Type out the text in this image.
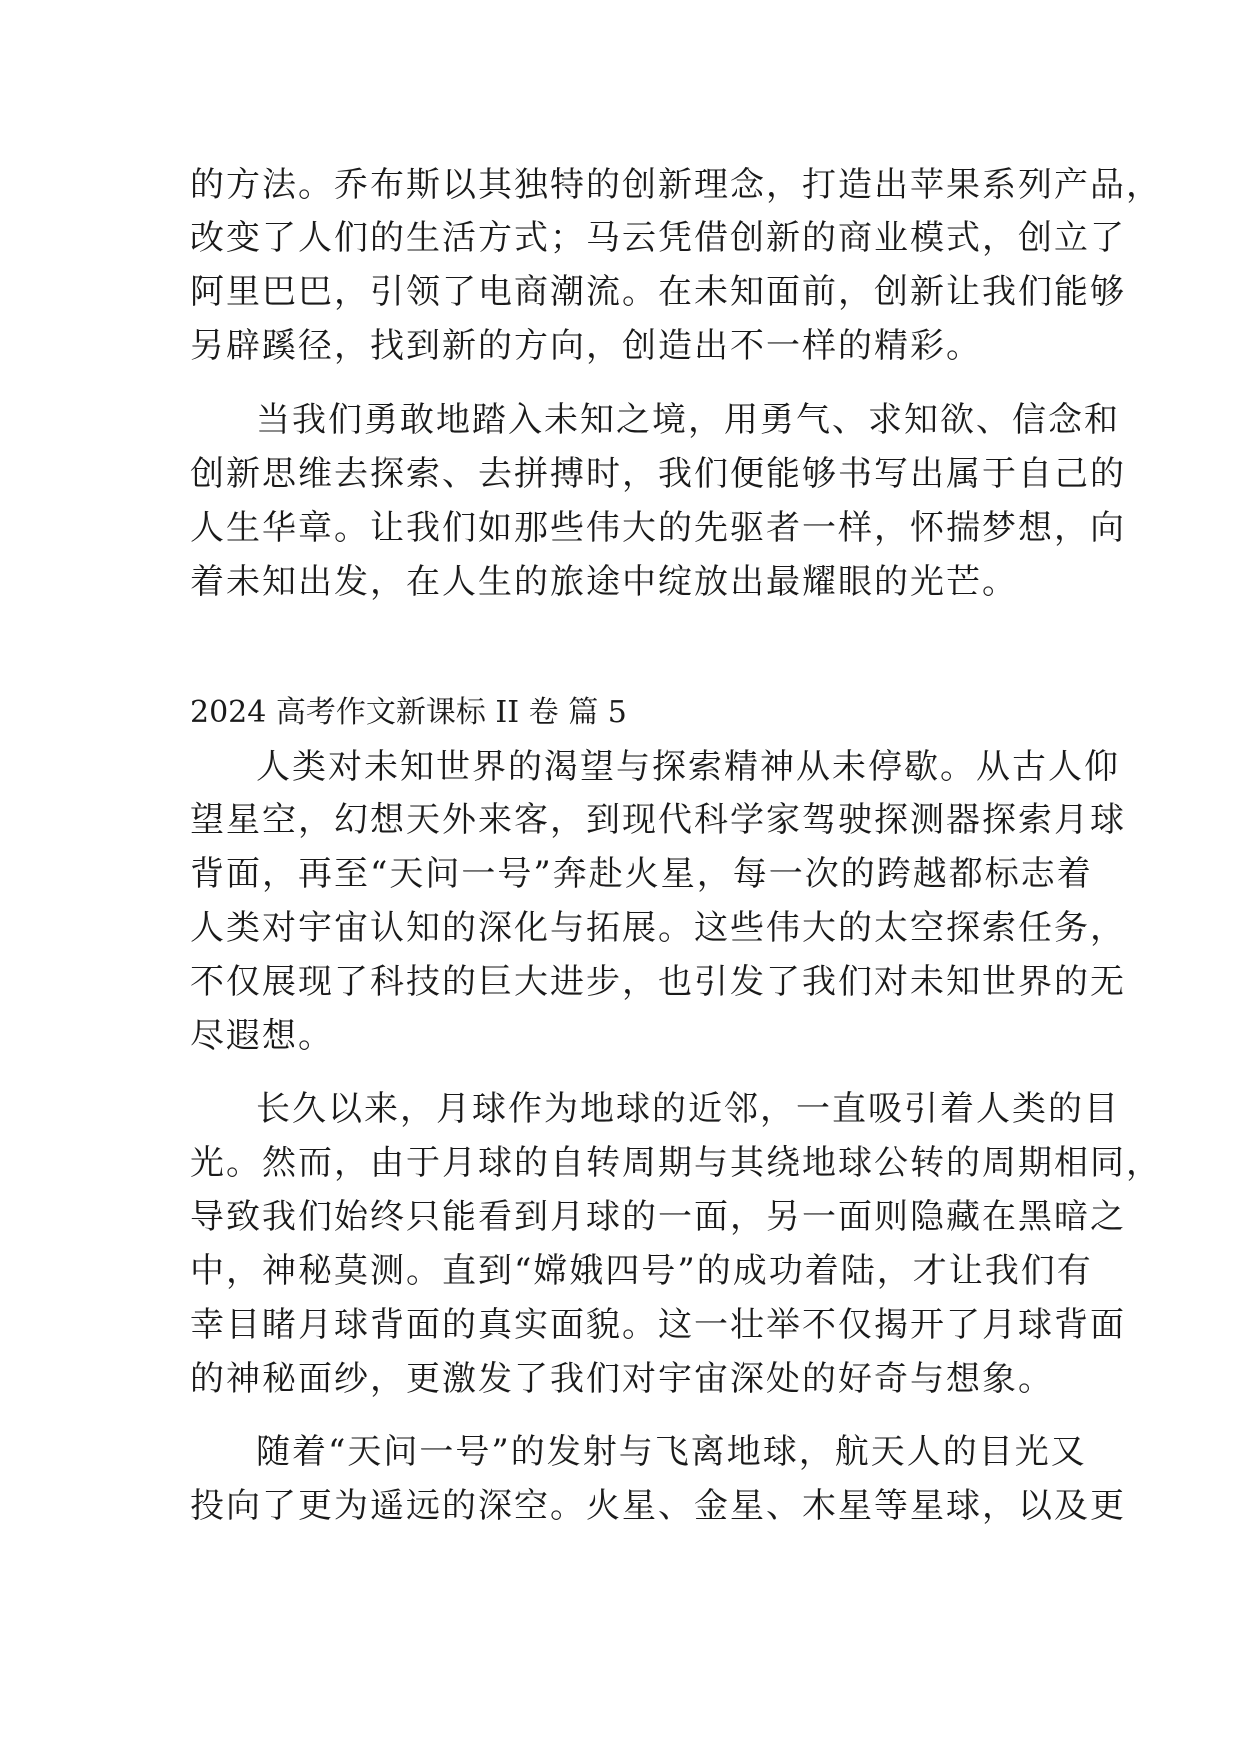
的方法。乔布斯以其独特的创新理念，打造出苹果系列产品，
改变了人们的生活方式；马云凭借创新的商业模式，创立了
阿里巴巴，引领了电商潮流。在未知面前，创新让我们能够
另辟蹊径，找到新的方向，创造出不一样的精彩。
当我们勇敢地踏入未知之境，用勇气、求知欲、信念和
创新思维去探索、去拼搏时，我们便能够书写出属于自己的
人生华章。让我们如那些伟大的先驱者一样，怀揣梦想，向
着未知出发，在人生的旅途中绽放出最耀眼的光芒。
2024 高考作文新课标 II 卷 篇 5
人类对未知世界的渴望与探索精神从未停歇。从古人仰
望星空，幻想天外来客，到现代科学家驾驶探测器探索月球
背面，再至“天问一号”奔赴火星，每一次的跨越都标志着
人类对宇宙认知的深化与拓展。这些伟大的太空探索任务，
不仅展现了科技的巨大进步，也引发了我们对未知世界的无
尽遐想。
长久以来，月球作为地球的近邻，一直吸引着人类的目
光。然而，由于月球的自转周期与其绕地球公转的周期相同，
导致我们始终只能看到月球的一面，另一面则隐藏在黑暗之
中，神秘莫测。直到“嫦娥四号”的成功着陆，才让我们有
幸目睹月球背面的真实面貌。这一壮举不仅揭开了月球背面
的神秘面纱，更激发了我们对宇宙深处的好奇与想象。
随着“天问一号”的发射与飞离地球，航天人的目光又
投向了更为遥远的深空。火星、金星、木星等星球，以及更
